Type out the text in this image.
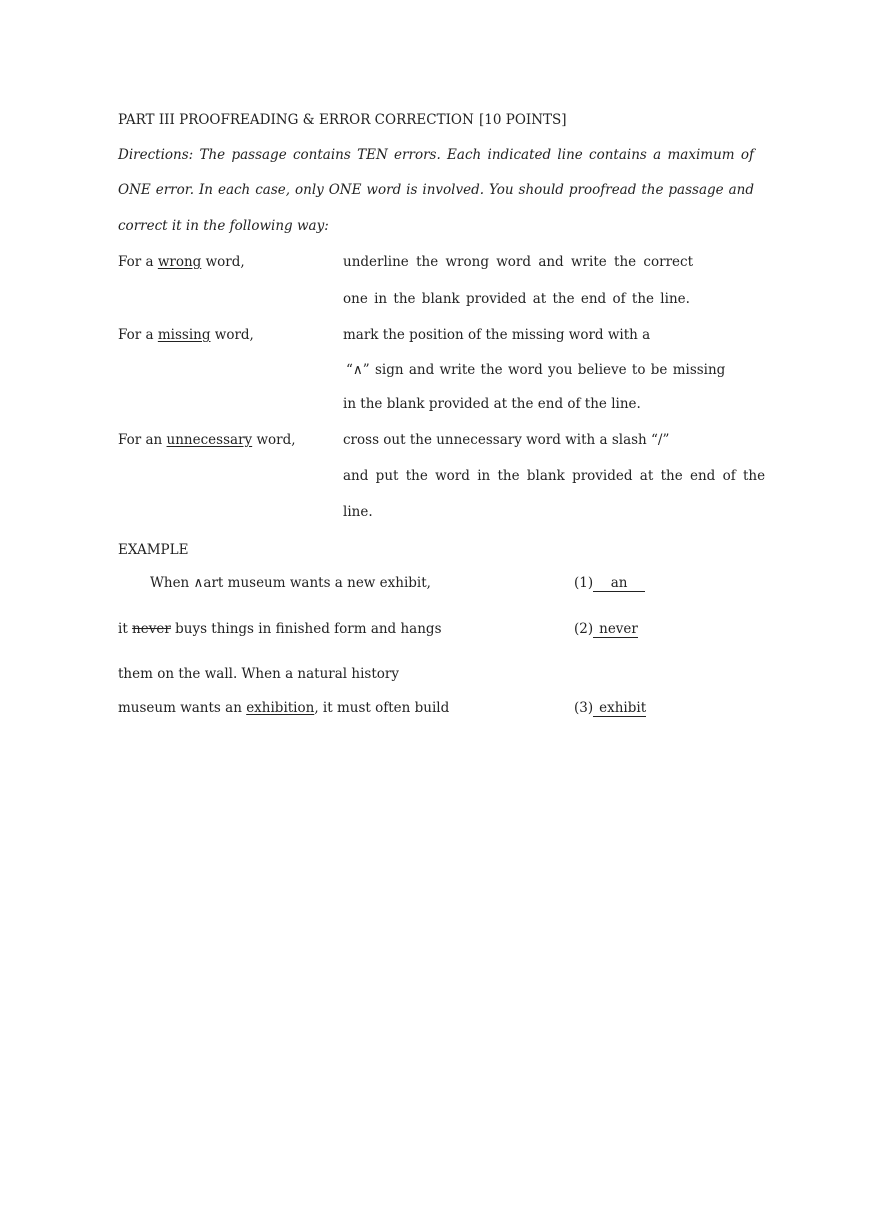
PART III PROOFREADING & ERROR CORRECTION [10 POINTS]
Directions: The passage contains TEN errors. Each indicated line contains a maximum of
ONE error. In each case, only ONE word is involved. You should proofread the passage and
correct it in the following way:
For a wrong word,	underline the wrong word and write the correct
one in the blank provided at the end of the line.
For a missing word,	mark the position of the missing word with a
“∧” sign and write the word you believe to be missing
in the blank provided at the end of the line.
For an unnecessary word,	cross out the unnecessary word with a slash “/”
and put the word in the blank provided at the end of the
line.
EXAMPLE
When ∧art museum wants a new exhibit,	(1) an
it never buys things in finished form and hangs	(2) never
them on the wall. When a natural history
museum wants an exhibition, it must often build	(3) exhibit
